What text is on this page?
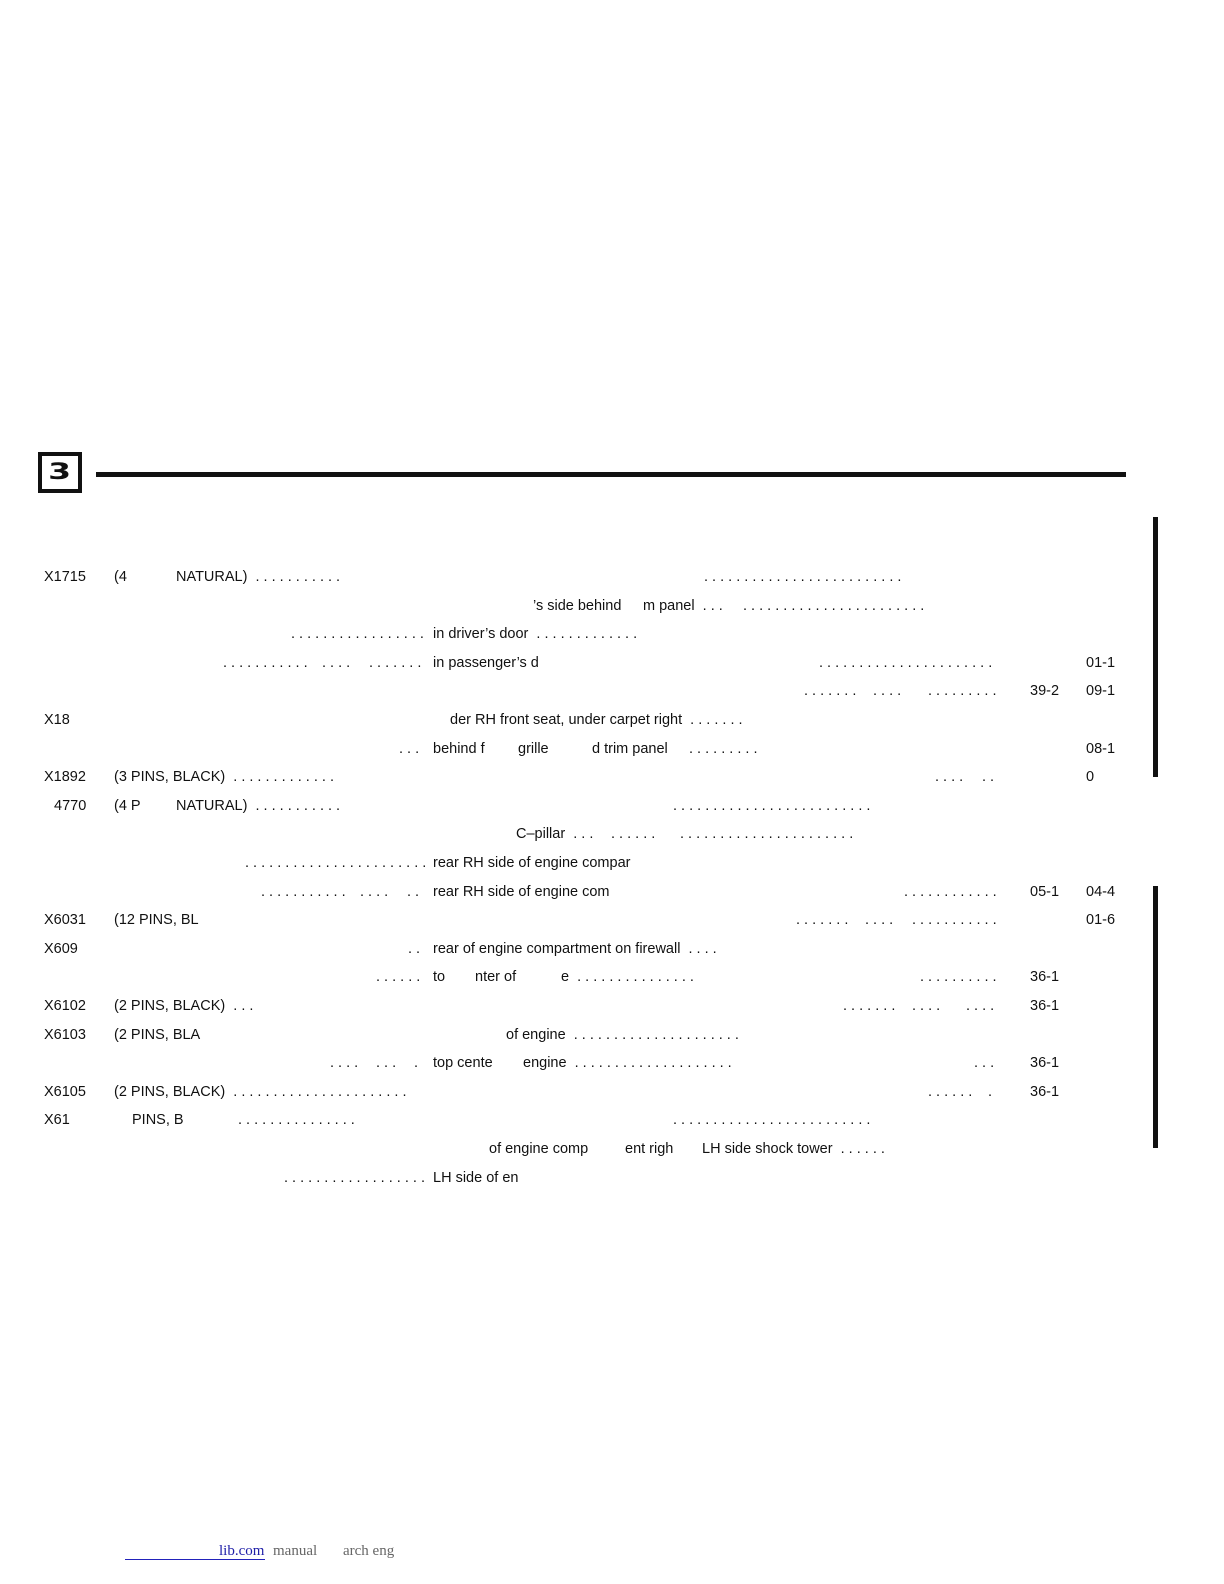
3
X1715 (4	NATURAL)  . . . . . . . . . . .	. . . . . . . . . . . . . . . . . . . . . . . . .
’s side behind m panel  . . . . . . . . . . . . . . . . . . . . . . . . . .
. . . . . . . . . . . . . . . . . in driver’s door  . . . . . . . . . . . . .
. . . . . . . . . . . . . . . . . . . . . . in passenger’s d	. . . . . . . . . . . . . . . . . . . . . .	01-1
. . . . . . . . . . . . . . . . . . . . 39-2 09-1
X18	der RH front seat, under carpet right  . . . . . . .
. . . behind f grille	d trim panel . . . . . . . . .	08-1
X1892 (3 PINS, BLACK)  . . . . . . . . . . . . .	. . . . . .	0
4770 (4 P NATURAL)  . . . . . . . . . . .	. . . . . . . . . . . . . . . . . . . . . . . . .
C–pillar  . . . . . . . . . . . . . . . . . . . . . . . . . . . . . . .
. . . . . . . . . . . . . . . . . . . . . . . rear RH side of engine compar
. . . . . . . . . . . . . . . . . rear RH side of engine com	. . . . . . . . . . . . 05-1 04-4
X6031 (12 PINS, BL	. . . . . . . . . . . . . . . . . . . . . .	01-6
X609	. . rear of engine compartment on firewall  . . . .
. . . . . . to nter of	e  . . . . . . . . . . . . . . .	. . . . . . . . . . 36-1
X6102 (2 PINS, BLACK)  . . .	. . . . . . . . . . . . . . . 36-1
X6103 (2 PINS, BLA	of engine  . . . . . . . . . . . . . . . . . . . . .
. . . . . . . . top cente engine  . . . . . . . . . . . . . . . . . . . .	. . . 36-1
X6105 (2 PINS, BLACK)  . . . . . . . . . . . . . . . . . . . . . .	. . . . . . .	36-1
X61	PINS, B	. . . . . . . . . . . . . . .	. . . . . . . . . . . . . . . . . . . . . . . . .
of engine comp	ent righ LH side shock tower  . . . . . .
. . . . . . . . . . . . . . . . . . LH side of en
lib.com manual arch eng
